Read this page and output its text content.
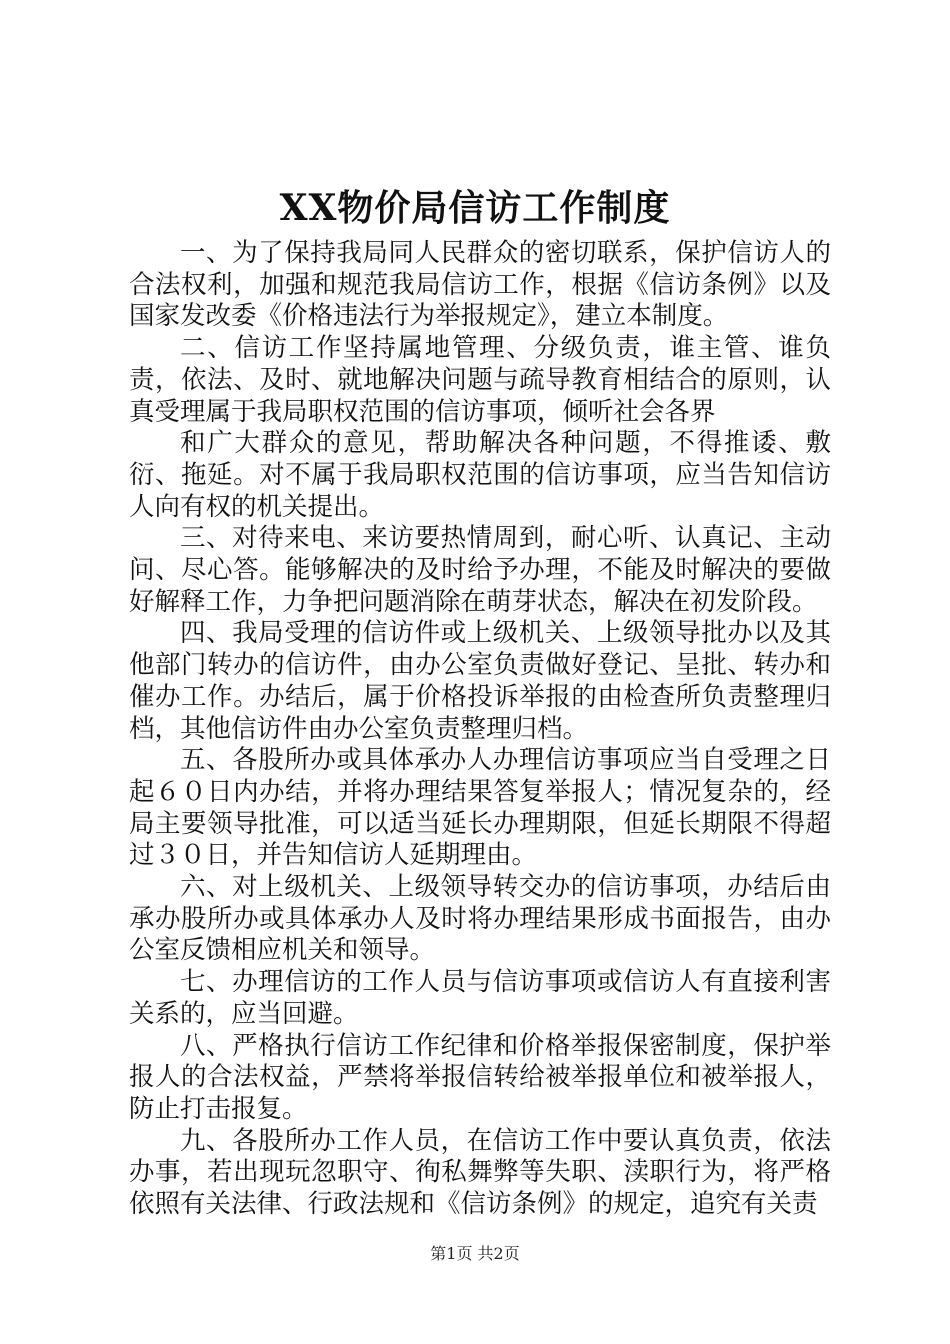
XX物价局信访工作制度

一、为了保持我局同人民群众的密切联系，保护信访人的合法权利，加强和规范我局信访工作，根据《信访条例》以及国家发改委《价格违法行为举报规定》，建立本制度。

二、信访工作坚持属地管理、分级负责，谁主管、谁负责，依法、及时、就地解决问题与疏导教育相结合的原则，认真受理属于我局职权范围的信访事项，倾听社会各界

和广大群众的意见，帮助解决各种问题，不得推诿、敷衍、拖延。对不属于我局职权范围的信访事项，应当告知信访人向有权的机关提出。

三、对待来电、来访要热情周到，耐心听、认真记、主动问、尽心答。能够解决的及时给予办理，不能及时解决的要做好解释工作，力争把问题消除在萌芽状态，解决在初发阶段。

四、我局受理的信访件或上级机关、上级领导批办以及其他部门转办的信访件，由办公室负责做好登记、呈批、转办和催办工作。办结后，属于价格投诉举报的由检查所负责整理归档，其他信访件由办公室负责整理归档。

五、各股所办或具体承办人办理信访事项应当自受理之日起６０日内办结，并将办理结果答复举报人；情况复杂的，经局主要领导批准，可以适当延长办理期限，但延长期限不得超过３０日，并告知信访人延期理由。

六、对上级机关、上级领导转交办的信访事项，办结后由承办股所办或具体承办人及时将办理结果形成书面报告，由办公室反馈相应机关和领导。

七、办理信访的工作人员与信访事项或信访人有直接利害关系的，应当回避。

八、严格执行信访工作纪律和价格举报保密制度，保护举报人的合法权益，严禁将举报信转给被举报单位和被举报人，防止打击报复。

九、各股所办工作人员，在信访工作中要认真负责，依法办事，若出现玩忽职守、徇私舞弊等失职、渎职行为，将严格依照有关法律、行政法规和《信访条例》的规定，追究有关责

第1页 共2页
